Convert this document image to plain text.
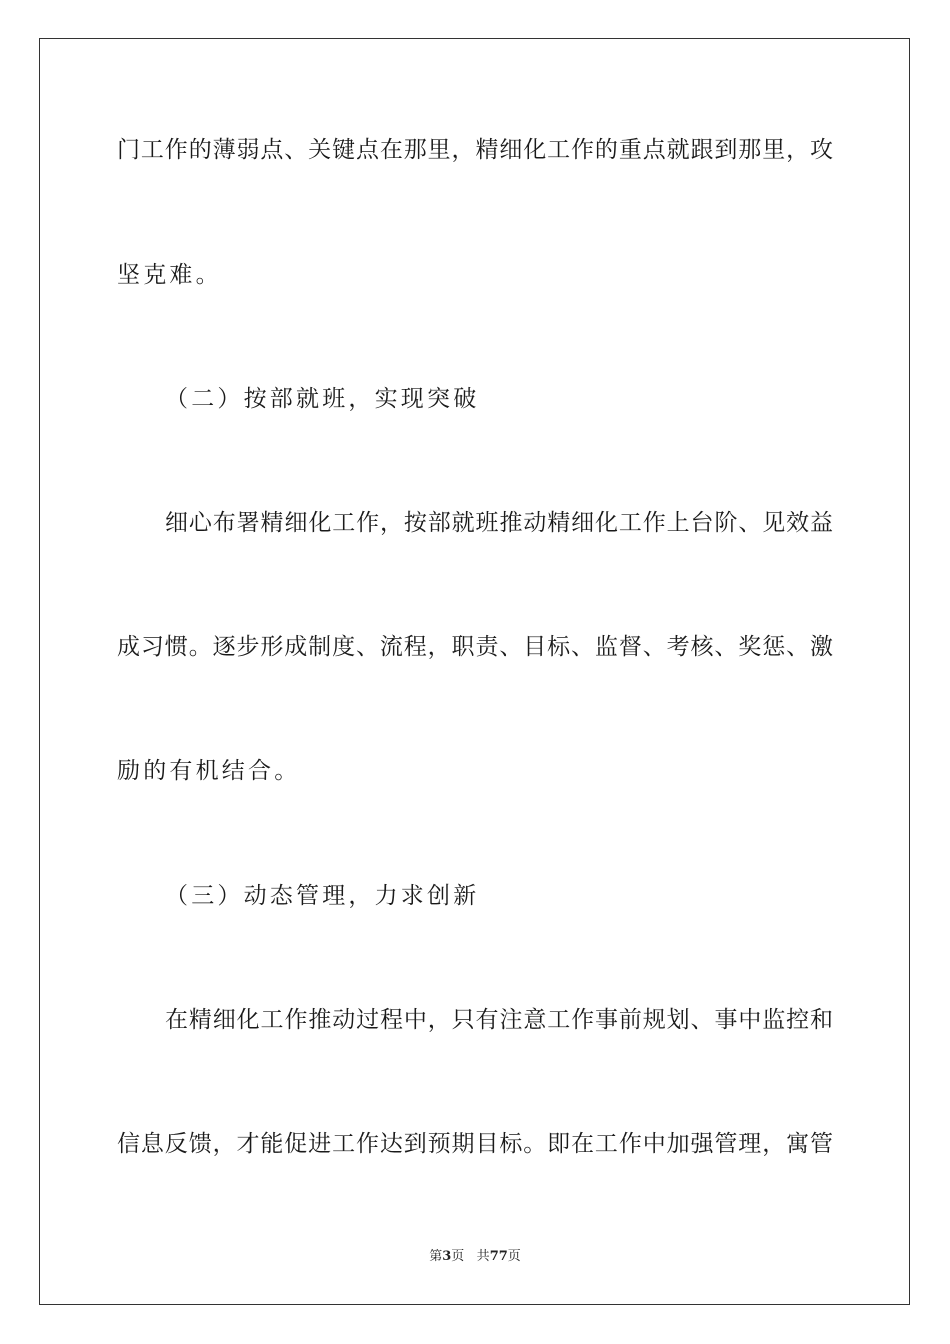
门工作的薄弱点、关键点在那里，精细化工作的重点就跟到那里，攻
坚克难。
（二）按部就班，实现突破
细心布署精细化工作，按部就班推动精细化工作上台阶、见效益
成习惯。逐步形成制度、流程，职责、目标、监督、考核、奖惩、激
励的有机结合。
（三）动态管理，力求创新
在精细化工作推动过程中，只有注意工作事前规划、事中监控和
信息反馈，才能促进工作达到预期目标。即在工作中加强管理，寓管
第3页 共77页
